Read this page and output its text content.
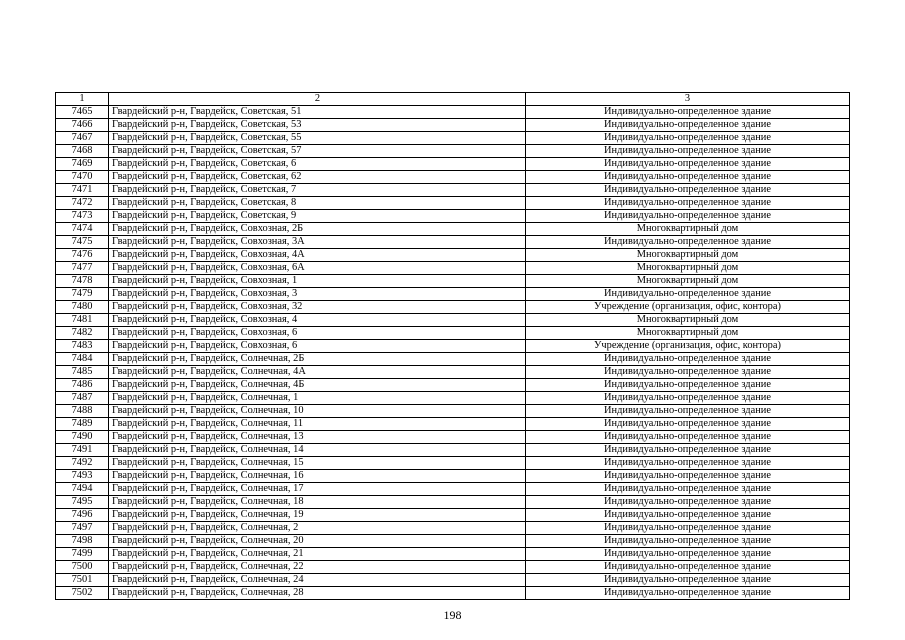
1	2	3
7465	Гвардейский р-н, Гвардейск, Советская, 51	Индивидуально-определенное здание
7466	Гвардейский р-н, Гвардейск, Советская, 53	Индивидуально-определенное здание
7467	Гвардейский р-н, Гвардейск, Советская, 55	Индивидуально-определенное здание
7468	Гвардейский р-н, Гвардейск, Советская, 57	Индивидуально-определенное здание
7469	Гвардейский р-н, Гвардейск, Советская, 6	Индивидуально-определенное здание
7470	Гвардейский р-н, Гвардейск, Советская, 62	Индивидуально-определенное здание
7471	Гвардейский р-н, Гвардейск, Советская, 7	Индивидуально-определенное здание
7472	Гвардейский р-н, Гвардейск, Советская, 8	Индивидуально-определенное здание
7473	Гвардейский р-н, Гвардейск, Советская, 9	Индивидуально-определенное здание
7474	Гвардейский р-н, Гвардейск, Совхозная, 2Б	Многоквартирный дом
7475	Гвардейский р-н, Гвардейск, Совхозная, 3А	Индивидуально-определенное здание
7476	Гвардейский р-н, Гвардейск, Совхозная, 4А	Многоквартирный дом
7477	Гвардейский р-н, Гвардейск, Совхозная, 6А	Многоквартирный дом
7478	Гвардейский р-н, Гвардейск, Совхозная, 1	Многоквартирный дом
7479	Гвардейский р-н, Гвардейск, Совхозная, 3	Индивидуально-определенное здание
7480	Гвардейский р-н, Гвардейск, Совхозная, 32	Учреждение (организация, офис, контора)
7481	Гвардейский р-н, Гвардейск, Совхозная, 4	Многоквартирный дом
7482	Гвардейский р-н, Гвардейск, Совхозная, 6	Многоквартирный дом
7483	Гвардейский р-н, Гвардейск, Совхозная, 6	Учреждение (организация, офис, контора)
7484	Гвардейский р-н, Гвардейск, Солнечная, 2Б	Индивидуально-определенное здание
7485	Гвардейский р-н, Гвардейск, Солнечная, 4А	Индивидуально-определенное здание
7486	Гвардейский р-н, Гвардейск, Солнечная, 4Б	Индивидуально-определенное здание
7487	Гвардейский р-н, Гвардейск, Солнечная, 1	Индивидуально-определенное здание
7488	Гвардейский р-н, Гвардейск, Солнечная, 10	Индивидуально-определенное здание
7489	Гвардейский р-н, Гвардейск, Солнечная, 11	Индивидуально-определенное здание
7490	Гвардейский р-н, Гвардейск, Солнечная, 13	Индивидуально-определенное здание
7491	Гвардейский р-н, Гвардейск, Солнечная, 14	Индивидуально-определенное здание
7492	Гвардейский р-н, Гвардейск, Солнечная, 15	Индивидуально-определенное здание
7493	Гвардейский р-н, Гвардейск, Солнечная, 16	Индивидуально-определенное здание
7494	Гвардейский р-н, Гвардейск, Солнечная, 17	Индивидуально-определенное здание
7495	Гвардейский р-н, Гвардейск, Солнечная, 18	Индивидуально-определенное здание
7496	Гвардейский р-н, Гвардейск, Солнечная, 19	Индивидуально-определенное здание
7497	Гвардейский р-н, Гвардейск, Солнечная, 2	Индивидуально-определенное здание
7498	Гвардейский р-н, Гвардейск, Солнечная, 20	Индивидуально-определенное здание
7499	Гвардейский р-н, Гвардейск, Солнечная, 21	Индивидуально-определенное здание
7500	Гвардейский р-н, Гвардейск, Солнечная, 22	Индивидуально-определенное здание
7501	Гвардейский р-н, Гвардейск, Солнечная, 24	Индивидуально-определенное здание
7502	Гвардейский р-н, Гвардейск, Солнечная, 28	Индивидуально-определенное здание
198
